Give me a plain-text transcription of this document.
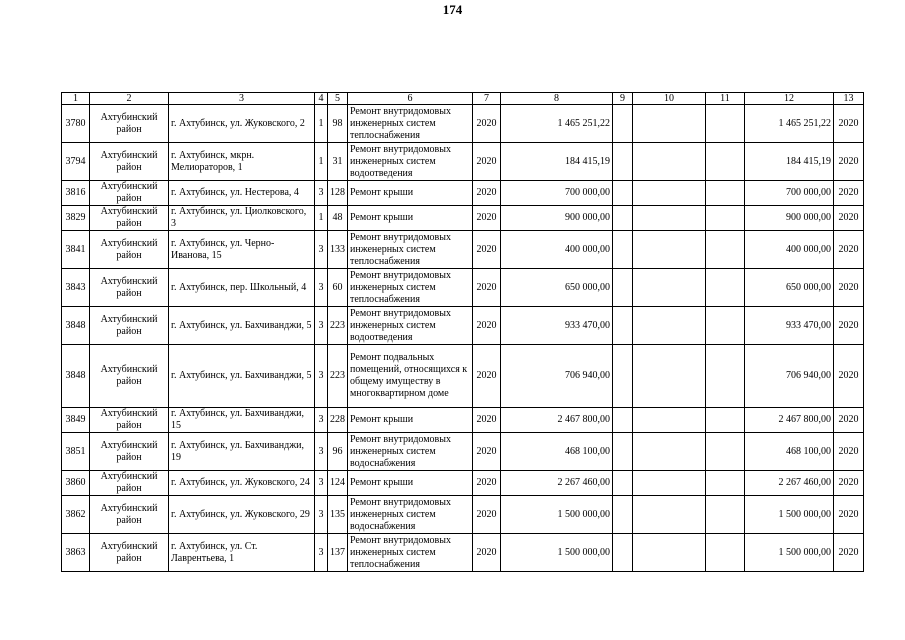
174
1	2	3	4	5	6	7	8	9	10	11	12	13
3780	Ахтубинский район	г. Ахтубинск, ул. Жуковского, 2	1	98	Ремонт внутридомовых инженерных систем теплоснабжения	2020	1 465 251,22				1 465 251,22	2020
3794	Ахтубинский район	г. Ахтубинск, мкрн. Мелиораторов, 1	1	31	Ремонт внутридомовых инженерных систем водоотведения	2020	184 415,19				184 415,19	2020
3816	Ахтубинский район	г. Ахтубинск, ул. Нестерова, 4	3	128	Ремонт крыши	2020	700 000,00				700 000,00	2020
3829	Ахтубинский район	г. Ахтубинск, ул. Циолковского, 3	1	48	Ремонт крыши	2020	900 000,00				900 000,00	2020
3841	Ахтубинский район	г. Ахтубинск, ул. Черно-Иванова, 15	3	133	Ремонт внутридомовых инженерных систем теплоснабжения	2020	400 000,00				400 000,00	2020
3843	Ахтубинский район	г. Ахтубинск, пер. Школьный, 4	3	60	Ремонт внутридомовых инженерных систем теплоснабжения	2020	650 000,00				650 000,00	2020
3848	Ахтубинский район	г. Ахтубинск, ул. Бахчиванджи, 5	3	223	Ремонт внутридомовых инженерных систем водоотведения	2020	933 470,00				933 470,00	2020
3848	Ахтубинский район	г. Ахтубинск, ул. Бахчиванджи, 5	3	223	Ремонт подвальных помещений, относящихся к общему имуществу в многоквартирном доме	2020	706 940,00				706 940,00	2020
3849	Ахтубинский район	г. Ахтубинск, ул. Бахчиванджи, 15	3	228	Ремонт крыши	2020	2 467 800,00				2 467 800,00	2020
3851	Ахтубинский район	г. Ахтубинск, ул. Бахчиванджи, 19	3	96	Ремонт внутридомовых инженерных систем водоснабжения	2020	468 100,00				468 100,00	2020
3860	Ахтубинский район	г. Ахтубинск, ул. Жуковского, 24	3	124	Ремонт крыши	2020	2 267 460,00				2 267 460,00	2020
3862	Ахтубинский район	г. Ахтубинск, ул. Жуковского, 29	3	135	Ремонт внутридомовых инженерных систем водоснабжения	2020	1 500 000,00				1 500 000,00	2020
3863	Ахтубинский район	г. Ахтубинск, ул. Ст. Лаврентьева, 1	3	137	Ремонт внутридомовых инженерных систем теплоснабжения	2020	1 500 000,00				1 500 000,00	2020
